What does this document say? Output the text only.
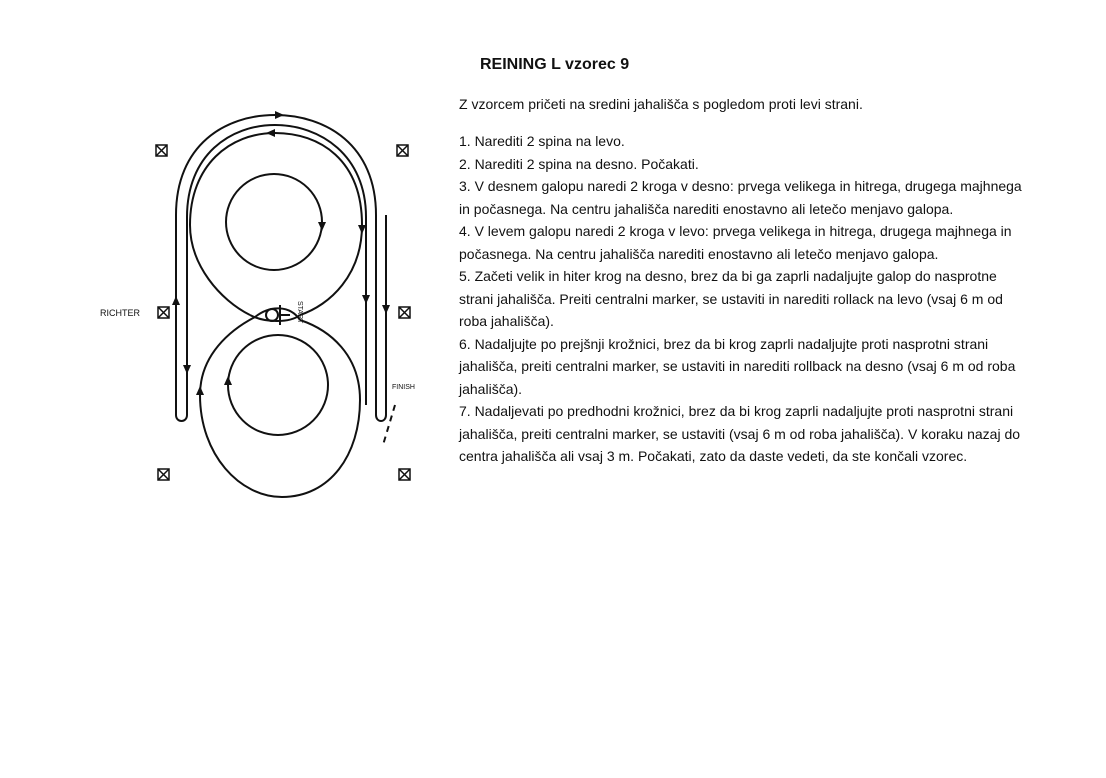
RICHTER	START
FINISH
REINING L vzorec 9
Z vzorcem pričeti na sredini jahališča s pogledom proti levi strani.

1. Narediti 2 spina na levo.

2. Narediti 2 spina na desno. Počakati.

3. V desnem galopu naredi 2 kroga v desno: prvega velikega in hitrega, drugega majhnega in počasnega. Na centru jahališča narediti enostavno ali letečo menjavo galopa.

4. V levem galopu naredi 2 kroga v levo: prvega velikega in hitrega, drugega majhnega in počasnega. Na centru jahališča narediti enostavno ali letečo menjavo galopa.

5. Začeti velik in hiter krog na desno, brez da bi ga zaprli nadaljujte galop do nasprotne strani jahališča. Preiti centralni marker, se ustaviti in narediti rollack na levo (vsaj 6 m od roba jahališča).

6. Nadaljujte po prejšnji krožnici, brez da bi krog zaprli nadaljujte proti nasprotni strani jahališča, preiti centralni marker, se ustaviti in narediti rollback na desno (vsaj 6 m od roba jahališča).

7. Nadaljevati po predhodni krožnici, brez da bi krog zaprli nadaljujte proti nasprotni strani jahališča, preiti centralni marker, se ustaviti (vsaj 6 m od roba jahališča). V koraku nazaj do centra jahališča ali vsaj 3 m. Počakati, zato da daste vedeti, da ste končali vzorec.
